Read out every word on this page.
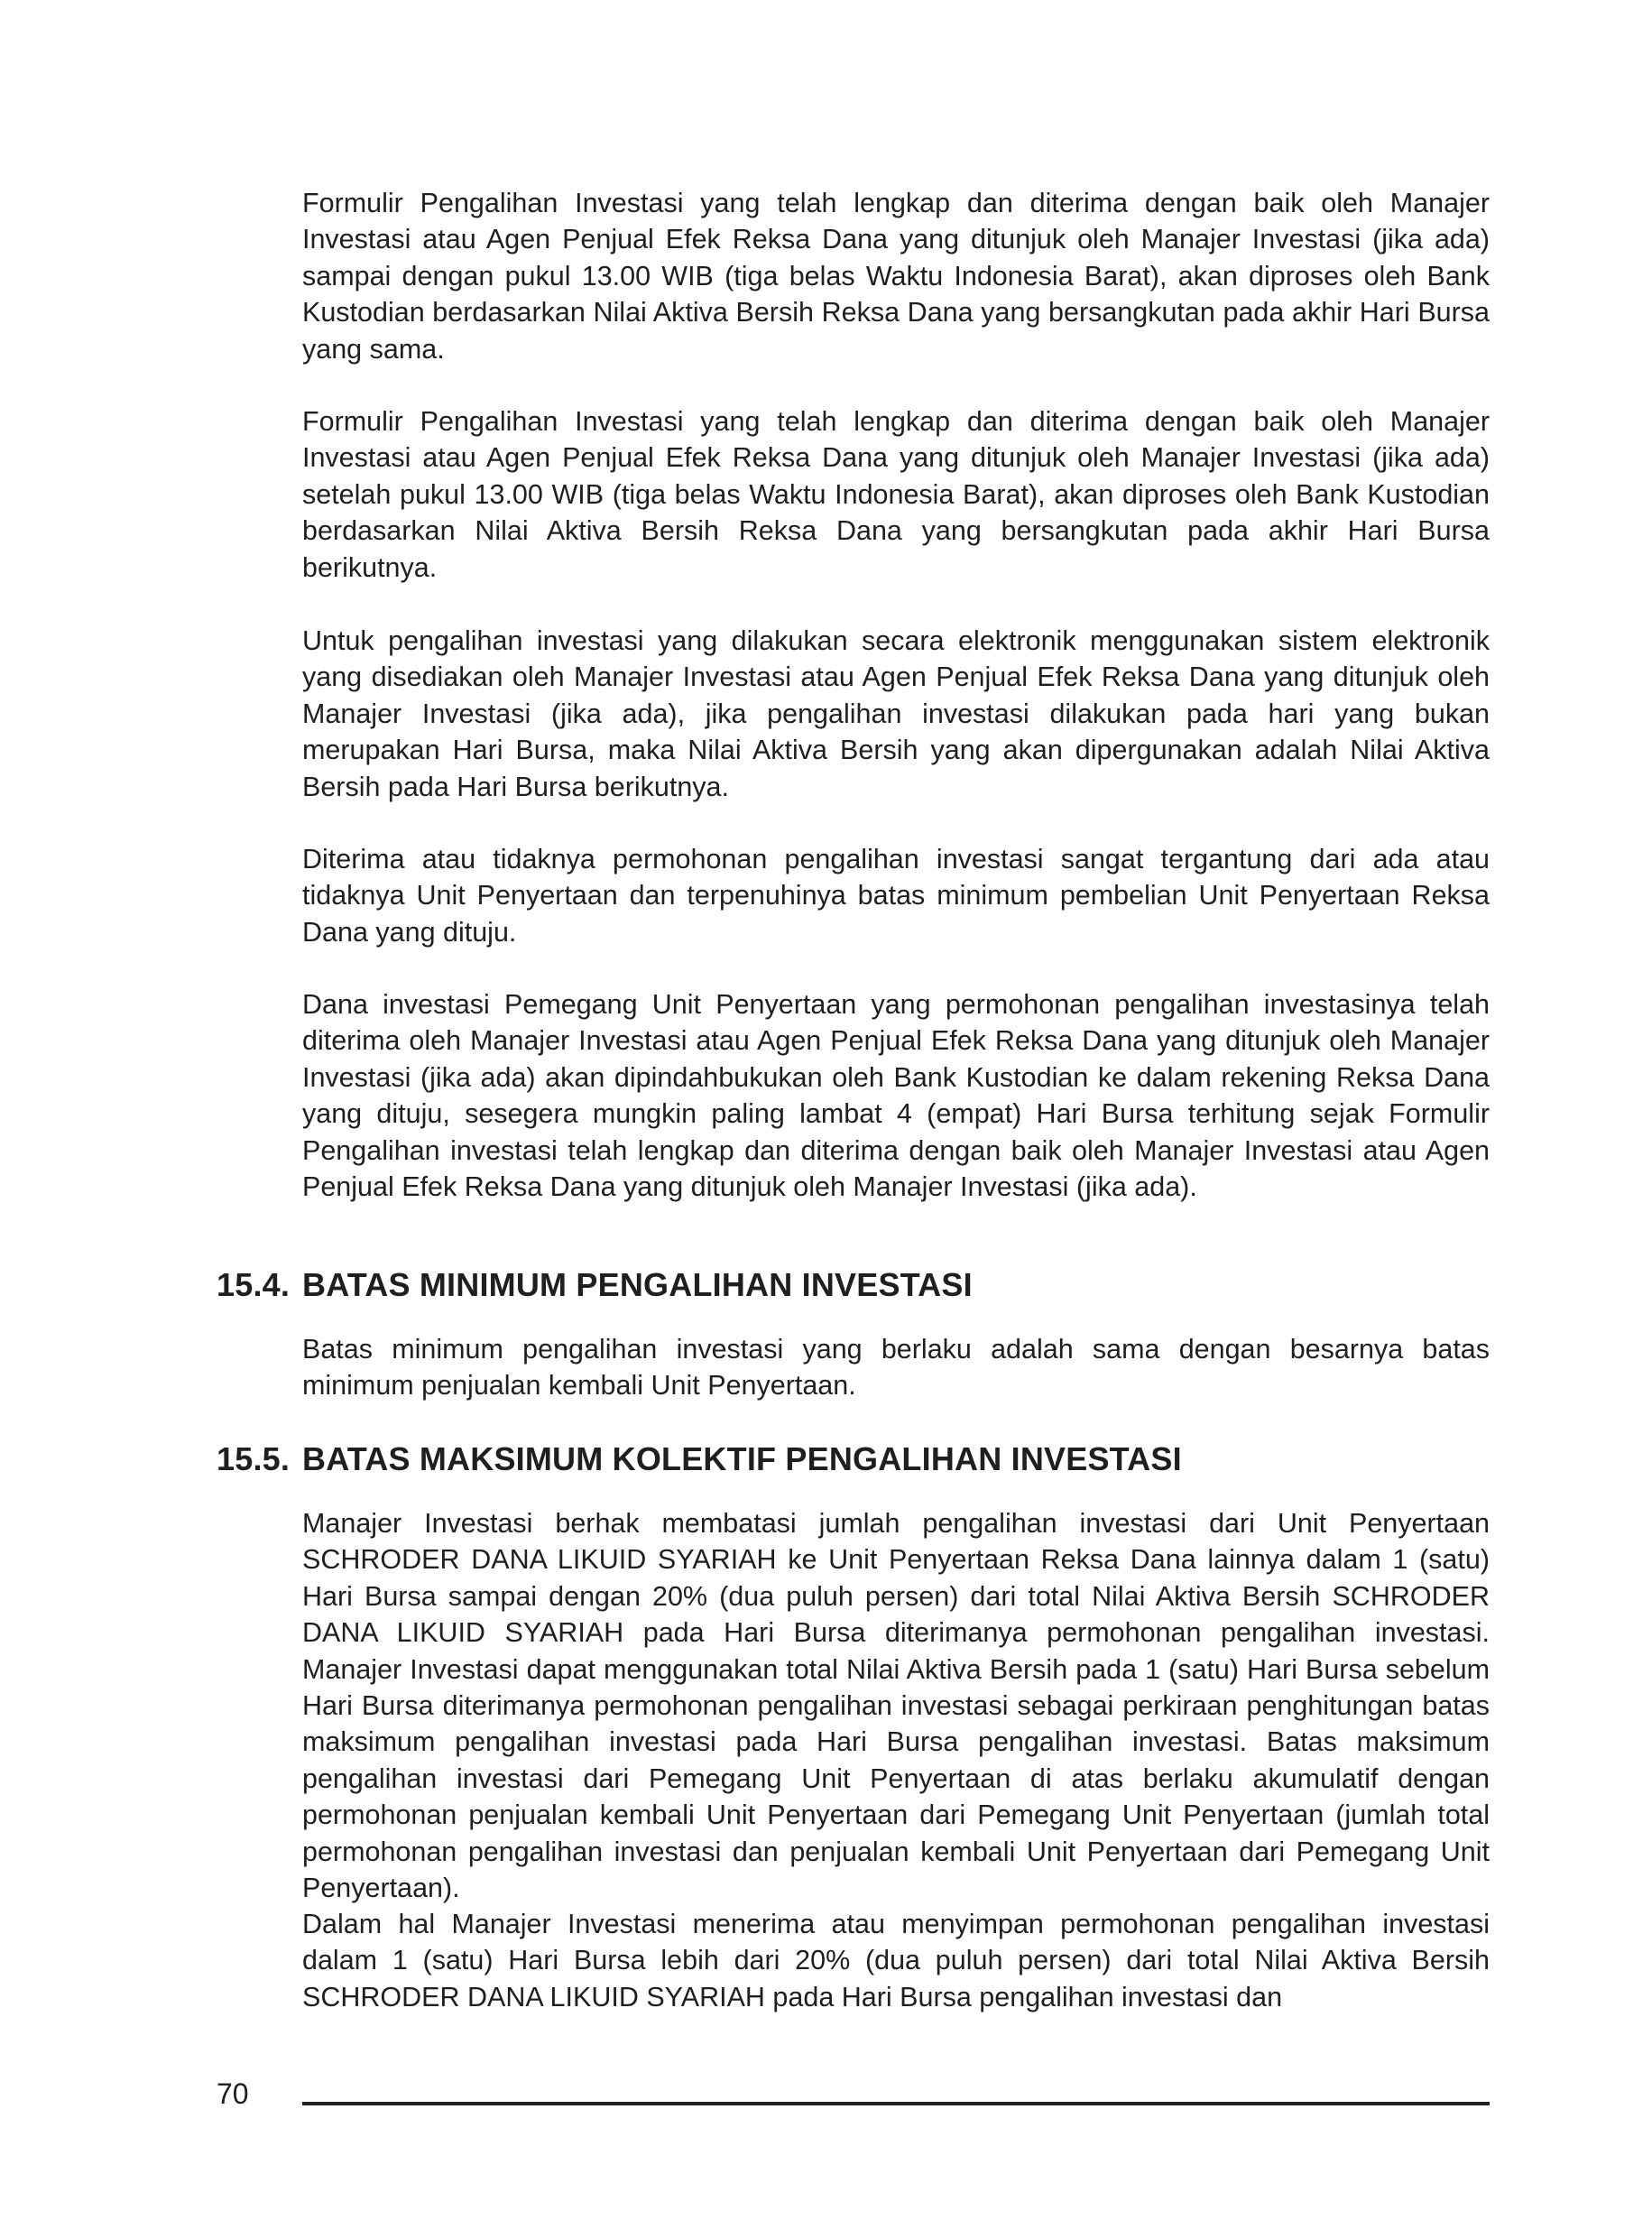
Formulir Pengalihan Investasi yang telah lengkap dan diterima dengan baik oleh Manajer Investasi atau Agen Penjual Efek Reksa Dana yang ditunjuk oleh Manajer Investasi (jika ada) sampai dengan pukul 13.00 WIB (tiga belas Waktu Indonesia Barat), akan diproses oleh Bank Kustodian berdasarkan Nilai Aktiva Bersih Reksa Dana yang bersangkutan pada akhir Hari Bursa yang sama.

Formulir Pengalihan Investasi yang telah lengkap dan diterima dengan baik oleh Manajer Investasi atau Agen Penjual Efek Reksa Dana yang ditunjuk oleh Manajer Investasi (jika ada) setelah pukul 13.00 WIB (tiga belas Waktu Indonesia Barat), akan diproses oleh Bank Kustodian berdasarkan Nilai Aktiva Bersih Reksa Dana yang bersangkutan pada akhir Hari Bursa berikutnya.

Untuk pengalihan investasi yang dilakukan secara elektronik menggunakan sistem elektronik yang disediakan oleh Manajer Investasi atau Agen Penjual Efek Reksa Dana yang ditunjuk oleh Manajer Investasi (jika ada), jika pengalihan investasi dilakukan pada hari yang bukan merupakan Hari Bursa, maka Nilai Aktiva Bersih yang akan dipergunakan adalah Nilai Aktiva Bersih pada Hari Bursa berikutnya.

Diterima atau tidaknya permohonan pengalihan investasi sangat tergantung dari ada atau tidaknya Unit Penyertaan dan terpenuhinya batas minimum pembelian Unit Penyertaan Reksa Dana yang dituju.

Dana investasi Pemegang Unit Penyertaan yang permohonan pengalihan investasinya telah diterima oleh Manajer Investasi atau Agen Penjual Efek Reksa Dana yang ditunjuk oleh Manajer Investasi (jika ada) akan dipindahbukukan oleh Bank Kustodian ke dalam rekening Reksa Dana yang dituju, sesegera mungkin paling lambat 4 (empat) Hari Bursa terhitung sejak Formulir Pengalihan investasi telah lengkap dan diterima dengan baik oleh Manajer Investasi atau Agen Penjual Efek Reksa Dana yang ditunjuk oleh Manajer Investasi (jika ada).

15.4. BATAS MINIMUM PENGALIHAN INVESTASI

Batas minimum pengalihan investasi yang berlaku adalah sama dengan besarnya batas minimum penjualan kembali Unit Penyertaan.

15.5. BATAS MAKSIMUM KOLEKTIF PENGALIHAN INVESTASI

Manajer Investasi berhak membatasi jumlah pengalihan investasi dari Unit Penyertaan SCHRODER DANA LIKUID SYARIAH ke Unit Penyertaan Reksa Dana lainnya dalam 1 (satu) Hari Bursa sampai dengan 20% (dua puluh persen) dari total Nilai Aktiva Bersih SCHRODER DANA LIKUID SYARIAH pada Hari Bursa diterimanya permohonan pengalihan investasi. Manajer Investasi dapat menggunakan total Nilai Aktiva Bersih pada 1 (satu) Hari Bursa sebelum Hari Bursa diterimanya permohonan pengalihan investasi sebagai perkiraan penghitungan batas maksimum pengalihan investasi pada Hari Bursa pengalihan investasi. Batas maksimum pengalihan investasi dari Pemegang Unit Penyertaan di atas berlaku akumulatif dengan permohonan penjualan kembali Unit Penyertaan dari Pemegang Unit Penyertaan (jumlah total permohonan pengalihan investasi dan penjualan kembali Unit Penyertaan dari Pemegang Unit Penyertaan).

Dalam hal Manajer Investasi menerima atau menyimpan permohonan pengalihan investasi dalam 1 (satu) Hari Bursa lebih dari 20% (dua puluh persen) dari total Nilai Aktiva Bersih SCHRODER DANA LIKUID SYARIAH pada Hari Bursa pengalihan investasi dan

70
